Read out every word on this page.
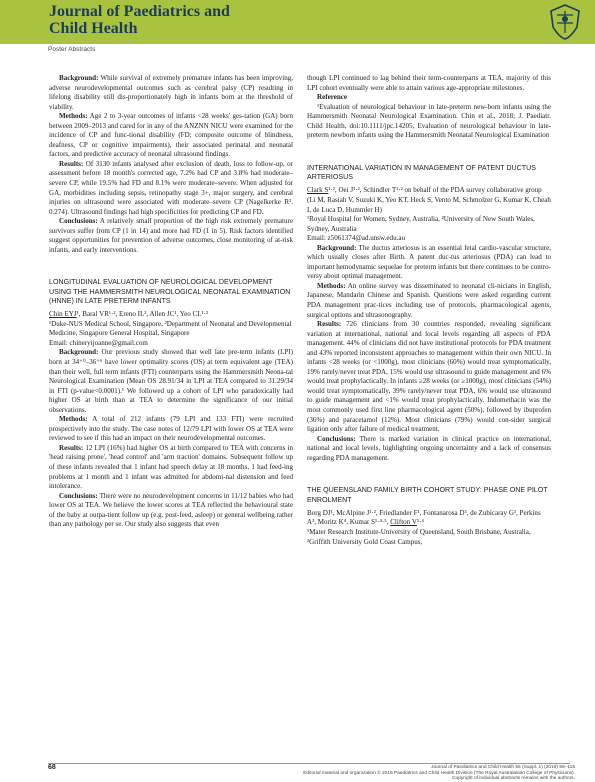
Journal of Paediatrics and
Child Health
Poster Abstracts

Background: While survival of extremely premature infants has been improving, adverse neurodevelopmental outcomes such as cerebral palsy (CP) resulting in lifelong disability still dis-proportionately high in infants born at the threshold of viability.

Methods: Age 2 to 3-year outcomes of infants <28 weeks' ges-tation (GA) born between 2009–2013 and cared for in any of the ANZNN NICU were examined for the incidence of CP and func-tional disability (FD; composite outcome of blindness, deafness, CP or cognitive impairments), their associated perinatal and neonatal factors, and predictive accuracy of neonatal ultrasound findings.

Results: Of 3130 infants analysed after exclusion of death, loss to follow-up, or assessment before 18 month's corrected age, 7.2% had CP and 3.8% had moderate–severe CP, while 19.5% had FD and 8.1% were moderate–severe. When adjusted for GA, morbidities including sepsis, retinopathy stage 3+, major surgery, and cerebral injuries on ultrasound were associated with moderate–severe CP (Nagelkerke R². 0.274). Ultrasound findings had high specificities for predicting CP and FD.

Conclusions: A relatively small proportion of the high risk extremely premature survivors suffer from CP (1 in 14) and more had FD (1 in 5). Risk factors identified suggest opportunities for prevention of adverse outcomes, close monitoring of at-risk infants, and early interventions.

LONGITUDINAL EVALUATION OF NEUROLOGICAL DEVELOPMENT USING THE HAMMERSMITH NEUROLOGICAL NEONATAL EXAMINATION (HNNE) IN LATE PRETERM INFANTS

Chin EYJ¹, Baral VR¹·², Ereno IL², Allen JC¹, Yeo CL¹·²

¹Duke-NUS Medical School, Singapore, ²Department of Neonatal and Developmental Medicine, Singapore General Hospital, Singapore

Email: chineryijoanne@gmail.com

Background: Our previous study showed that well late pre-term infants (LPI) born at 34⁺⁰–36⁺⁶ have lower optimality scores (OS) at term equivalent age (TEA) than their well, full term infants (FTI) counterparts using the Hammersmith Neona-tal Neurological Examination (Mean OS 28.91/34 in LPI at TEA compared to 31.29/34 in FTI (p-value<0.0001).¹ We followed up a cohort of LPI who paradoxically had higher OS at birth than at TEA to determine the significance of our initial observations.

Methods: A total of 212 infants (79 LPI and 133 FTI) were recruited prospectively into the study. The case notes of 12/79 LPI with lower OS at TEA were reviewed to see if this had an impact on their neurodevelopmental outcomes.

Results: 12 LPI (16%) had higher OS at birth compared to TEA with concerns in 'head raising prone', 'head control' and 'arm traction' domains. Subsequent follow up of these infants revealed that 1 infant had speech delay at 18 months, 1 had feed-ing problems at 1 month and 1 infant was admitted for abdomi-nal distension and feed intolerance.

Conclusions: There were no neurodevelopment concerns in 11/12 babies who had lower OS at TEA. We believe the lower scores at TEA reflected the behavioural state of the baby at outpa-tient follow up (e.g. post-feed, asleep) or general wellbeing rather than any pathology per se. Our study also suggests that even

though LPI continued to lag behind their term-counterparts at TEA, majority of this LPI cohort eventually were able to attain various age-appropriate milestones.

Reference

¹Evaluation of neurological behaviour in late-preterm new-born infants using the Hammersmith Neonatal Neurological Examination. Chin et al., 2018; J. Paediatr. Child Health, doi:10.1111/jpc.14205, Evaluation of neurological behaviour in late-preterm newborn infants using the Hammersmith Neonatal Neurological Examination

INTERNATIONAL VARIATION IN MANAGEMENT OF PATENT DUCTUS ARTERIOSUS

Clark S¹·², Oei J¹·², Schindler T¹·² on behalf of the PDA survey collaborative group (Li M, Rasiah V, Suzuki K, Yeo KT, Heck S, Vento M, Schmolzer G, Kumar K, Cheah I, de Luca D, Hummler H)

¹Royal Hospital for Women, Sydney, Australia, ²University of New South Wales, Sydney, Australia

Email: z5061374@ad.unsw.edu.au

Background: The ductus arteriosus is an essential fetal cardio-vascular structure, which usually closes after Birth. A patent duc-tus arteriosus (PDA) can lead to important hemodynamic sequelae for preterm infants but there continues to be contro-versy about optimal management.

Methods: An online survey was disseminated to neonatal cli-nicians in English, Japanese, Mandarin Chinese and Spanish. Questions were asked regarding current PDA management prac-tices including use of protocols, pharmacological agents, surgical options and ultrasonography.

Results: 726 clinicians from 30 countries responded, revealing significant variation at international, national and local levels regarding all aspects of PDA management. 44% of clinicians did not have institutional protocols for PDA treatment and 43% reported inconsistent approaches to management within their own NICU. In infants <28 weeks (or <1000g), most clinicians (60%) would treat symptomatically, 19% rarely/never treat PDA, 15% would use ultrasound to guide management and 6% would treat prophylactically. In infants ≥28 weeks (or ≥1000g), most clinicians (54%) would treat symptomatically, 39% rarely/never treat PDA, 6% would use ultrasound to guide management and <1% would treat prophylactically. Indomethacin was the most commonly used first line pharmacological agent (50%), followed by ibuprofen (36%) and paracetamol (12%). Most clinicians (79%) would con-sider surgical ligation only after failure of medical treatment.

Conclusions: There is marked variation in clinical practice on international, national and local levels, highlighting ongoing uncertainty and a lack of consensus regarding PDA management.

THE QUEENSLAND FAMILY BIRTH COHORT STUDY: PHASE ONE PILOT ENROLMENT

Borg DJ¹, McAlpine J¹·², Friedlander F¹, Fontanarosa D³, de Zubicaray G³, Perkins A³, Moritz K⁴, Kumar S¹·⁴·⁵, Clifton V¹·⁴

¹Mater Research Institute-University of Queensland, South Brisbane, Australia, ²Griffith University Gold Coast Campus,

68	Journal of Paediatrics and Child Health 55 (Suppl. 1) (2019) 56–115
Editorial material and organization © 2019 Paediatrics and Child Health Division (The Royal Australasian College of Physicians).
Copyright of individual abstracts remains with the authors.
